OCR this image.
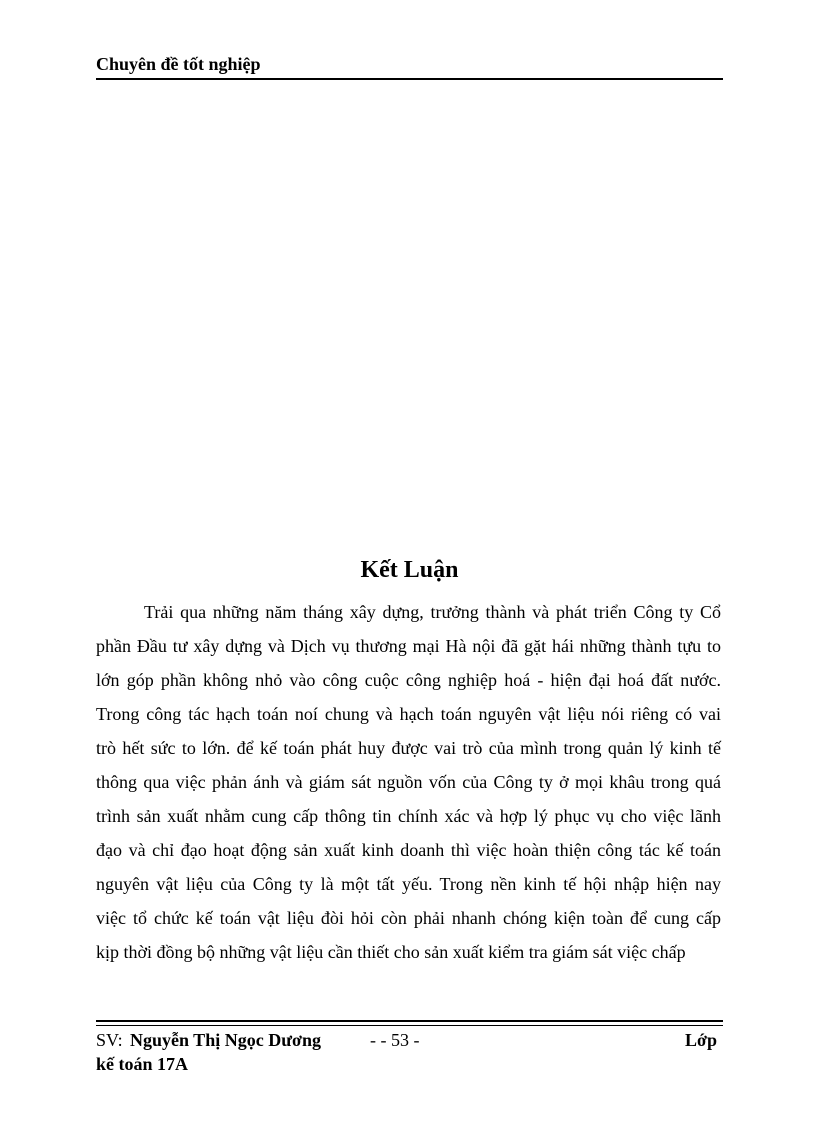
Chuyên đề tốt nghiệp
Kết Luận
Trải qua những năm tháng xây dựng, trưởng thành và phát triển Công ty Cổ
phần Đầu tư xây dựng và Dịch vụ thương mại Hà nội đã gặt hái những thành tựu to
lớn góp phần không nhỏ vào công cuộc công nghiệp hoá - hiện đại hoá đất nước.
Trong công tác hạch toán noí chung và hạch toán nguyên vật liệu nói riêng có vai
trò hết sức to lớn. để kế toán phát huy được vai trò của mình trong quản lý kinh tế
thông qua việc phản ánh và giám sát nguồn vốn của Công ty ở mọi khâu trong quá
trình sản xuất nhằm cung cấp thông tin chính xác và hợp lý phục vụ cho việc lãnh
đạo và chỉ đạo hoạt động sản xuất kinh doanh thì việc hoàn thiện công tác kế toán
nguyên vật liệu của Công ty là một tất yếu. Trong nền kinh tế hội nhập hiện nay
việc tổ chức kế toán vật liệu đòi hỏi còn phải nhanh chóng kiện toàn để cung cấp
kịp thời đồng bộ những vật liệu cần thiết cho sản xuất kiểm tra giám sát việc chấp
SV: Nguyễn Thị Ngọc Dương	- - 53 -	Lớp
kế toán 17A
